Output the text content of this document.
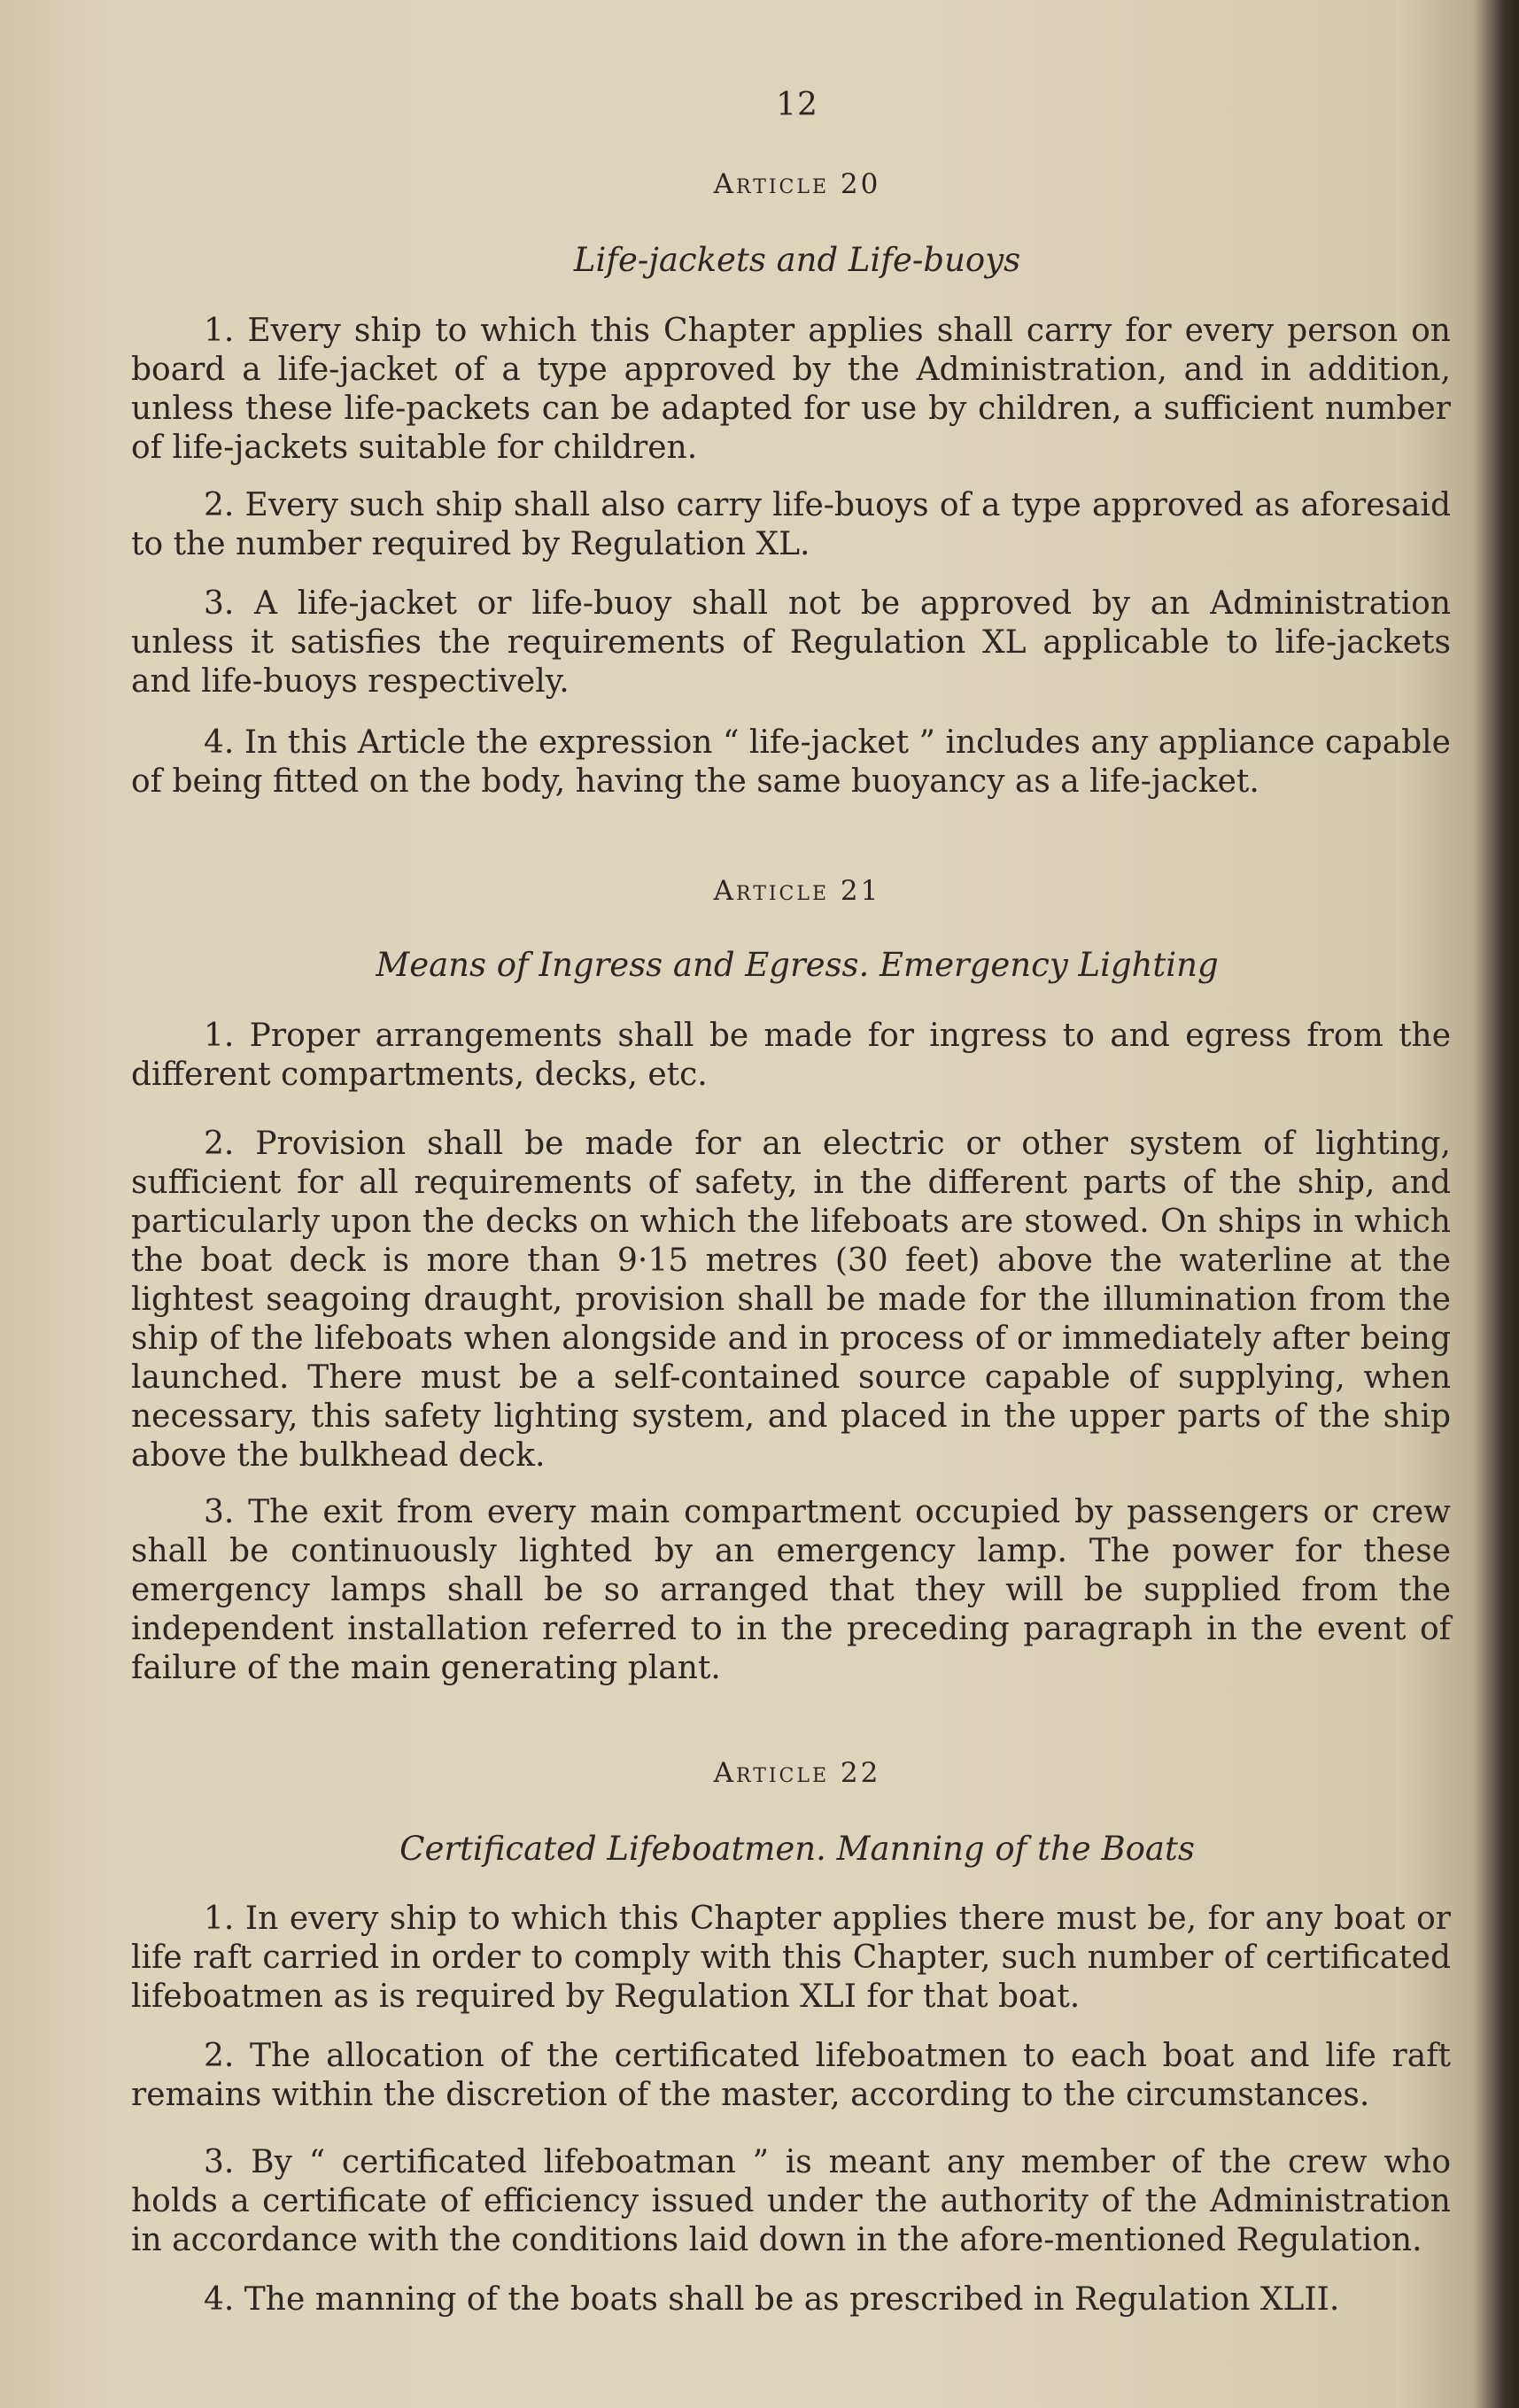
12
Article 20
Life-jackets and Life-buoys

1. Every ship to which this Chapter applies shall carry for every person on board a life-jacket of a type approved by the Administration, and in addition, unless these life-packets can be adapted for use by children, a sufficient number of life-jackets suitable for children.

2. Every such ship shall also carry life-buoys of a type approved as aforesaid to the number required by Regulation XL.

3. A life-jacket or life-buoy shall not be approved by an Administration unless it satisfies the requirements of Regulation XL applicable to life-jackets and life-buoys respectively.

4. In this Article the expression “ life-jacket ” includes any appliance capable of being fitted on the body, having the same buoyancy as a life-jacket.

Article 21
Means of Ingress and Egress. Emergency Lighting

1. Proper arrangements shall be made for ingress to and egress from the different compartments, decks, etc.

2. Provision shall be made for an electric or other system of lighting, sufficient for all requirements of safety, in the different parts of the ship, and particularly upon the decks on which the lifeboats are stowed. On ships in which the boat deck is more than 9·15 metres (30 feet) above the waterline at the lightest seagoing draught, provision shall be made for the illumination from the ship of the lifeboats when alongside and in process of or immediately after being launched. There must be a self-contained source capable of supplying, when necessary, this safety lighting system, and placed in the upper parts of the ship above the bulkhead deck.

3. The exit from every main compartment occupied by passengers or crew shall be continuously lighted by an emergency lamp. The power for these emergency lamps shall be so arranged that they will be supplied from the independent installation referred to in the preceding paragraph in the event of failure of the main generating plant.

Article 22
Certificated Lifeboatmen. Manning of the Boats

1. In every ship to which this Chapter applies there must be, for any boat or life raft carried in order to comply with this Chapter, such number of certificated lifeboatmen as is required by Regulation XLI for that boat.

2. The allocation of the certificated lifeboatmen to each boat and life raft remains within the discretion of the master, according to the circumstances.

3. By “ certificated lifeboatman ” is meant any member of the crew who holds a certificate of efficiency issued under the authority of the Administration in accordance with the conditions laid down in the afore-mentioned Regulation.

4. The manning of the boats shall be as prescribed in Regulation XLII.
